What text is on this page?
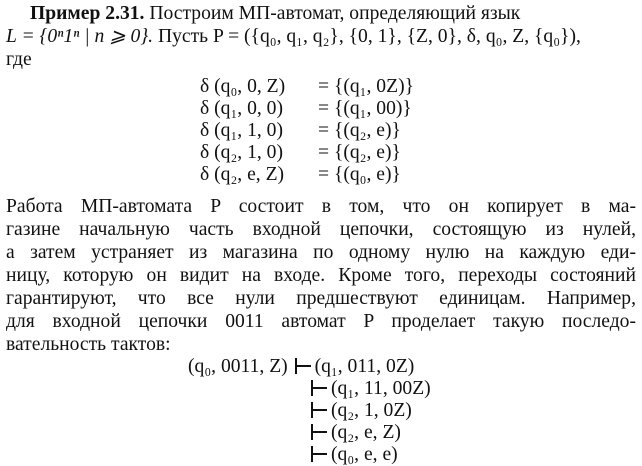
Пример 2.31. Построим МП-автомат, определяющий язык
L = {0ⁿ1ⁿ | n ⩾ 0}. Пусть P = ({q₀, q₁, q₂}, {0, 1}, {Z, 0}, δ, q₀, Z, {q₀}),
где
δ (q₀, 0, Z) = {(q₁, 0Z)}
δ (q₁, 0, 0) = {(q₁, 00)}
δ (q₁, 1, 0) = {(q₂, e)}
δ (q₂, 1, 0) = {(q₂, e)}
δ (q₂, e, Z) = {(q₀, e)}
Работа МП-автомата P состоит в том, что он копирует в ма-
газине начальную часть входной цепочки, состоящую из нулей,
а затем устраняет из магазина по одному нулю на каждую еди-
ницу, которую он видит на входе. Кроме того, переходы состояний
гарантируют, что все нули предшествуют единицам. Например,
для входной цепочки 0011 автомат P проделает такую последо-
вательность тактов:
(q₀, 0011, Z) (q₁, 011, 0Z)
(q₁, 11, 00Z)
(q₂, 1, 0Z)
(q₂, e, Z)
(q₀, e, e)
